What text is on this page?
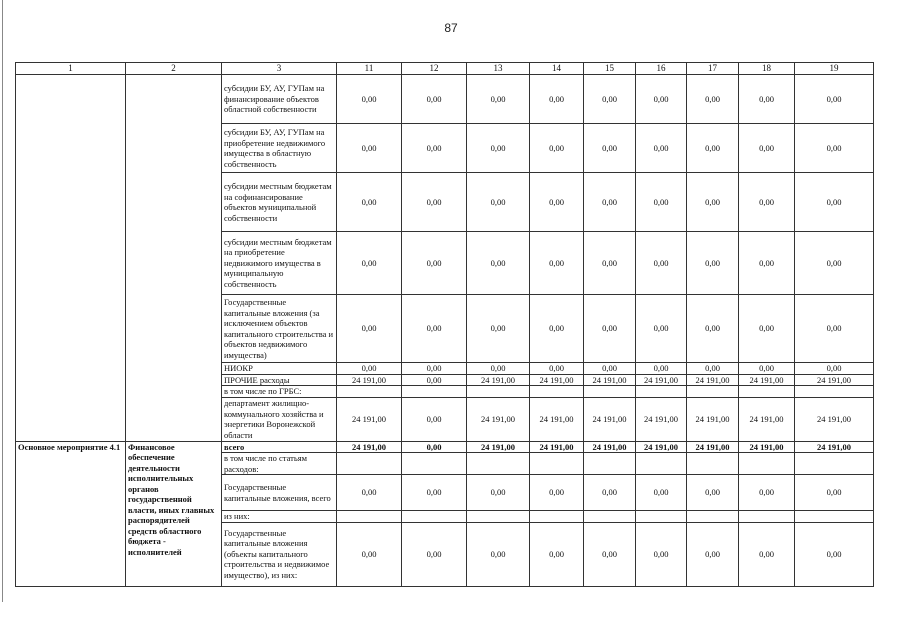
87
1	2	3	11	12	13	14	15	16	17	18	19
		субсидии БУ, АУ, ГУПам на финансирование объектов областной собственности	0,00	0,00	0,00	0,00	0,00	0,00	0,00	0,00	0,00
		субсидии БУ, АУ, ГУПам на приобретение недвижимого имущества в областную собственность	0,00	0,00	0,00	0,00	0,00	0,00	0,00	0,00	0,00
		субсидии местным бюджетам на софинансирование объектов муниципальной собственности	0,00	0,00	0,00	0,00	0,00	0,00	0,00	0,00	0,00
		субсидии местным бюджетам на приобретение недвижимого имущества в муниципальную собственность	0,00	0,00	0,00	0,00	0,00	0,00	0,00	0,00	0,00
		Государственные капитальные вложения (за исключением объектов капитального строительства и объектов недвижимого имущества)	0,00	0,00	0,00	0,00	0,00	0,00	0,00	0,00	0,00
		НИОКР	0,00	0,00	0,00	0,00	0,00	0,00	0,00	0,00	0,00
		ПРОЧИЕ расходы	24 191,00	0,00	24 191,00	24 191,00	24 191,00	24 191,00	24 191,00	24 191,00	24 191,00
		в том числе по ГРБС:									
		департамент жилищно-коммунального хозяйства и энергетики Воронежской области	24 191,00	0,00	24 191,00	24 191,00	24 191,00	24 191,00	24 191,00	24 191,00	24 191,00
Основное мероприятие 4.1	Финансовое обеспечение деятельности исполнительных органов государственной власти, иных главных распорядителей средств областного бюджета - исполнителей	всего	24 191,00	0,00	24 191,00	24 191,00	24 191,00	24 191,00	24 191,00	24 191,00	24 191,00
		в том числе по статьям расходов:									
		Государственные капитальные вложения, всего	0,00	0,00	0,00	0,00	0,00	0,00	0,00	0,00	0,00
		из них:									
		Государственные капитальные вложения (объекты капитального строительства и недвижимое имущество), из них:	0,00	0,00	0,00	0,00	0,00	0,00	0,00	0,00	0,00
